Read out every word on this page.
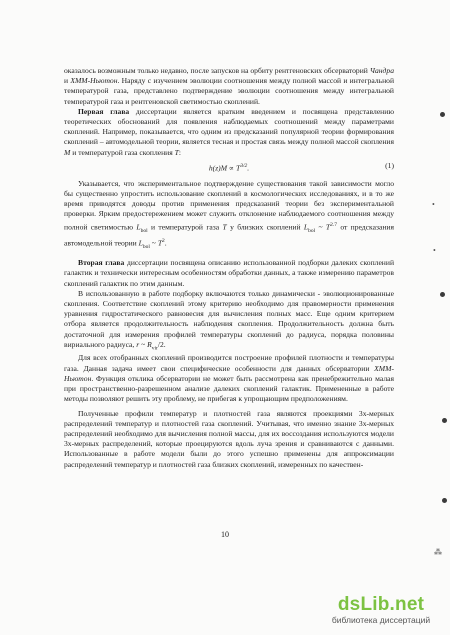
оказалось возможным только недавно, после запусков на орбиту рентгеновских обсерваторий Чандра и ХММ-Ньютон. Наряду с изучением эволюции соотношения между полной массой и интегральной температурой газа, представлено подтверждение эволюции соотношения между интегральной температурой газа и рентгеновской светимостью скоплений.

Первая глава диссертации является кратким введением и посвящена представлению теоретических обоснований для появления наблюдаемых соотношений между параметрами скоплений. Например, показывается, что одним из предсказаний популярной теории формирования скоплений – автомодельной теории, является тесная и простая связь между полной массой скопления M и температурой газа скопления T:

$h(z)M \propto T^{3/2}$.	(1)

Указывается, что экспериментальное подтверждение существования такой зависимости могло бы существенно упростить использование скоплений в космологических исследованиях, и в то же время приводятся доводы против применения предсказаний теории без экспериментальной проверки. Ярким предостережением может служить отклонение наблюдаемого соотношения между полной светимостью $L_{bol}$ и температурой газа T у близких скоплений $L_{bol}$ ~ $T^{2.7}$ от предсказания автомодельной теории $L_{bol}$ ~ $T^2$.

Вторая глава диссертации посвящена описанию использованной подборки далеких скоплений галактик и технически интересным особенностям обработки данных, а также измерению параметров скоплений галактик по этим данным.

В использованную в работе подборку включаются только динамически - эволюционированные скопления. Соответствие скоплений этому критерию необходимо для правомерности применения уравнения гидростатического равновесия для вычисления полных масс. Еще одним критерием отбора является продолжительность наблюдения скопления. Продолжительность должна быть достаточной для измерения профилей температуры скоплений до радиуса, порядка половины вириального радиуса, r ~ $R_{vir}/2$.

Для всех отобранных скоплений производится построение профилей плотности и температуры газа. Данная задача имеет свои специфические особенности для данных обсерватории ХММ-Ньютон. Функция отклика обсерватории не может быть рассмотрена как пренебрежительно малая при пространственно-разрешенном анализе далеких скоплений галактик. Примененные в работе методы позволяют решить эту проблему, не прибегая к упрощающим предположениям.

Полученные профили температур и плотностей газа являются проекциями 3х-мерных распределений температур и плотностей газа скоплений. Учитывая, что именно знание 3х-мерных распределений необходимо для вычисления полной массы, для их воссоздания используются модели 3х-мерных распределений, которые проецируются вдоль луча зрения и сравниваются с данными. Использованные в работе модели были до этого успешно применены для аппроксимации распределений температур и плотностей газа близких скоплений, измеренных по качествен-

10
•
•
⁂
dsLib.net
библиотека диссертаций
